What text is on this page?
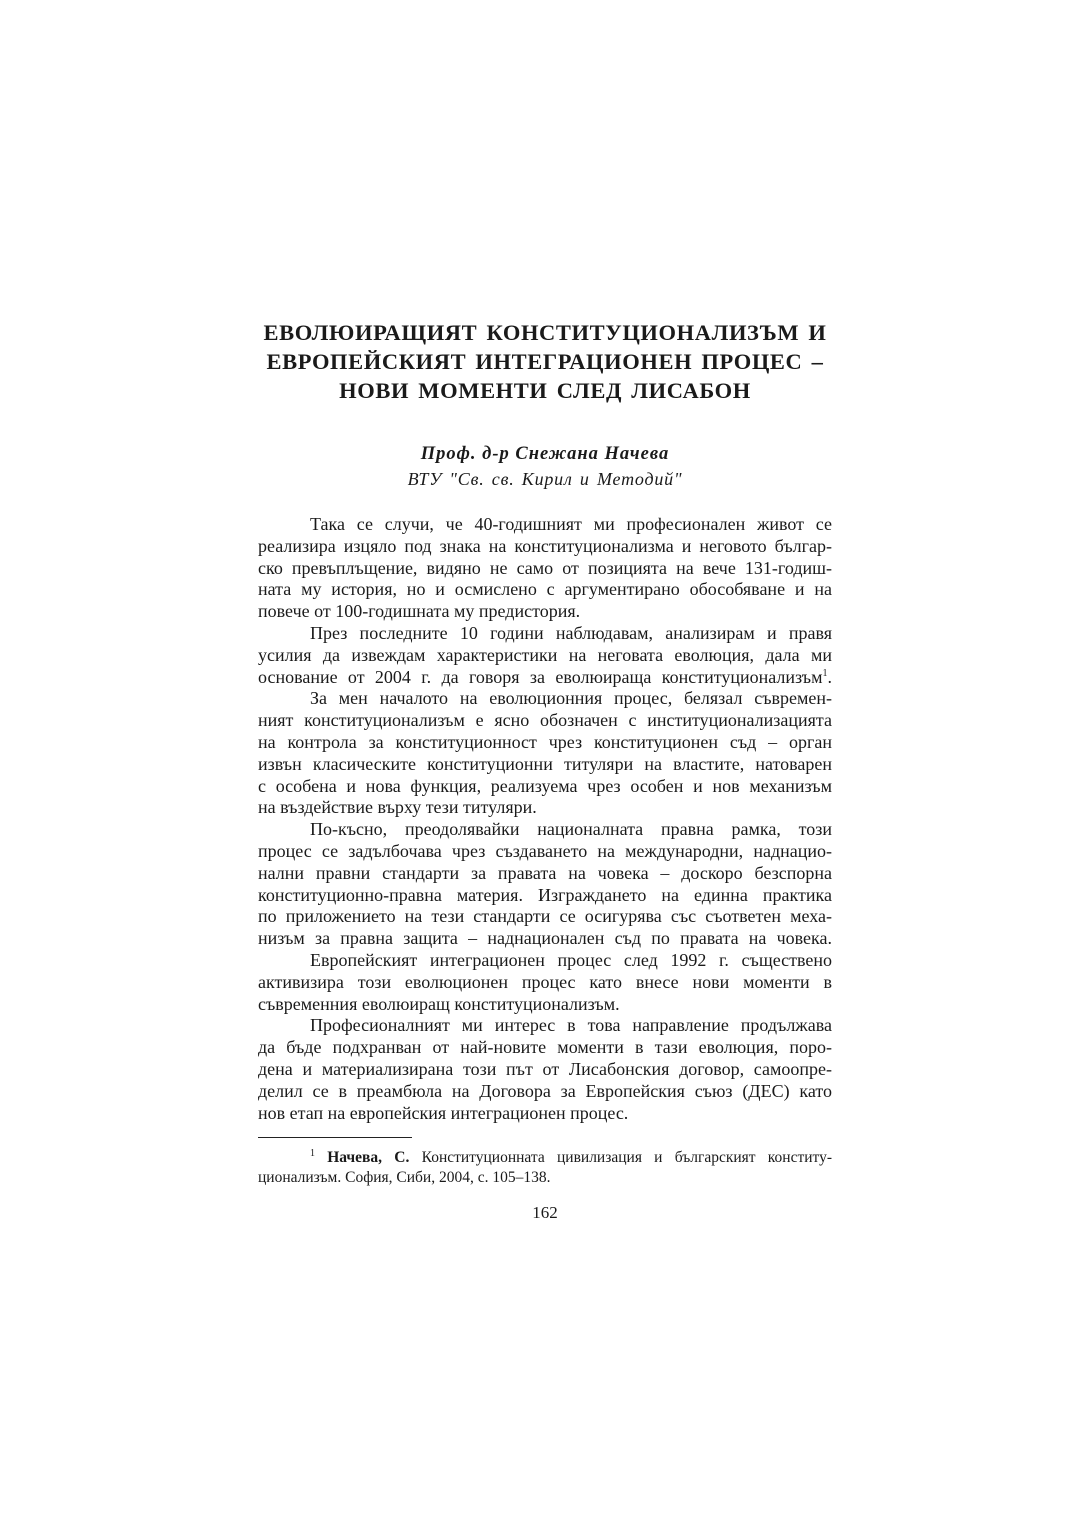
ЕВОЛЮИРАЩИЯТ КОНСТИТУЦИОНАЛИЗЪМ И
ЕВРОПЕЙСКИЯТ ИНТЕГРАЦИОНЕН ПРОЦЕС –
НОВИ МОМЕНТИ СЛЕД ЛИСАБОН
Проф. д-р Снежана Начева
ВТУ "Св. св. Кирил и Методий"

Така се случи, че 40-годишният ми професионален живот се
реализира изцяло под знака на конституционализма и неговото българ-
ско превъплъщение, видяно не само от позицията на вече 131-годиш-
ната му история, но и осмислено с аргументирано обособяване и на
повече от 100-годишната му предистория.

През последните 10 години наблюдавам, анализирам и правя
усилия да извеждам характеристики на неговата еволюция, дала ми
основание от 2004 г. да говоря за еволюираща конституционализъм$^1$.

За мен началото на еволюционния процес, белязал съвремен-
ният конституционализъм е ясно обозначен с институционализацията
на контрола за конституционност чрез конституционен съд – орган
извън класическите конституционни титуляри на властите, натоварен
с особена и нова функция, реализуема чрез особен и нов механизъм
на въздействие върху тези титуляри.

По-късно, преодолявайки националната правна рамка, този
процес се задълбочава чрез създаването на международни, наднацио-
нални правни стандарти за правата на човека – доскоро безспорна
конституционно-правна материя. Изграждането на единна практика
по приложението на тези стандарти се осигурява със съответен меха-
низъм за правна защита – наднационален съд по правата на човека.

Европейският интеграционен процес след 1992 г. съществено
активизира този еволюционен процес като внесе нови моменти в
съвременния еволюиращ конституционализъм.

Професионалният ми интерес в това направление продължава
да бъде подхранван от най-новите моменти в тази еволюция, поро-
дена и материализирана този път от Лисабонския договор, самоопре-
делил се в преамбюла на Договора за Европейския съюз (ДЕС) като
нов етап на европейския интеграционен процес.

$^1$ Начева, С. Конституционната цивилизация и българският конститу-
ционализъм. София, Сиби, 2004, с. 105–138.
162
